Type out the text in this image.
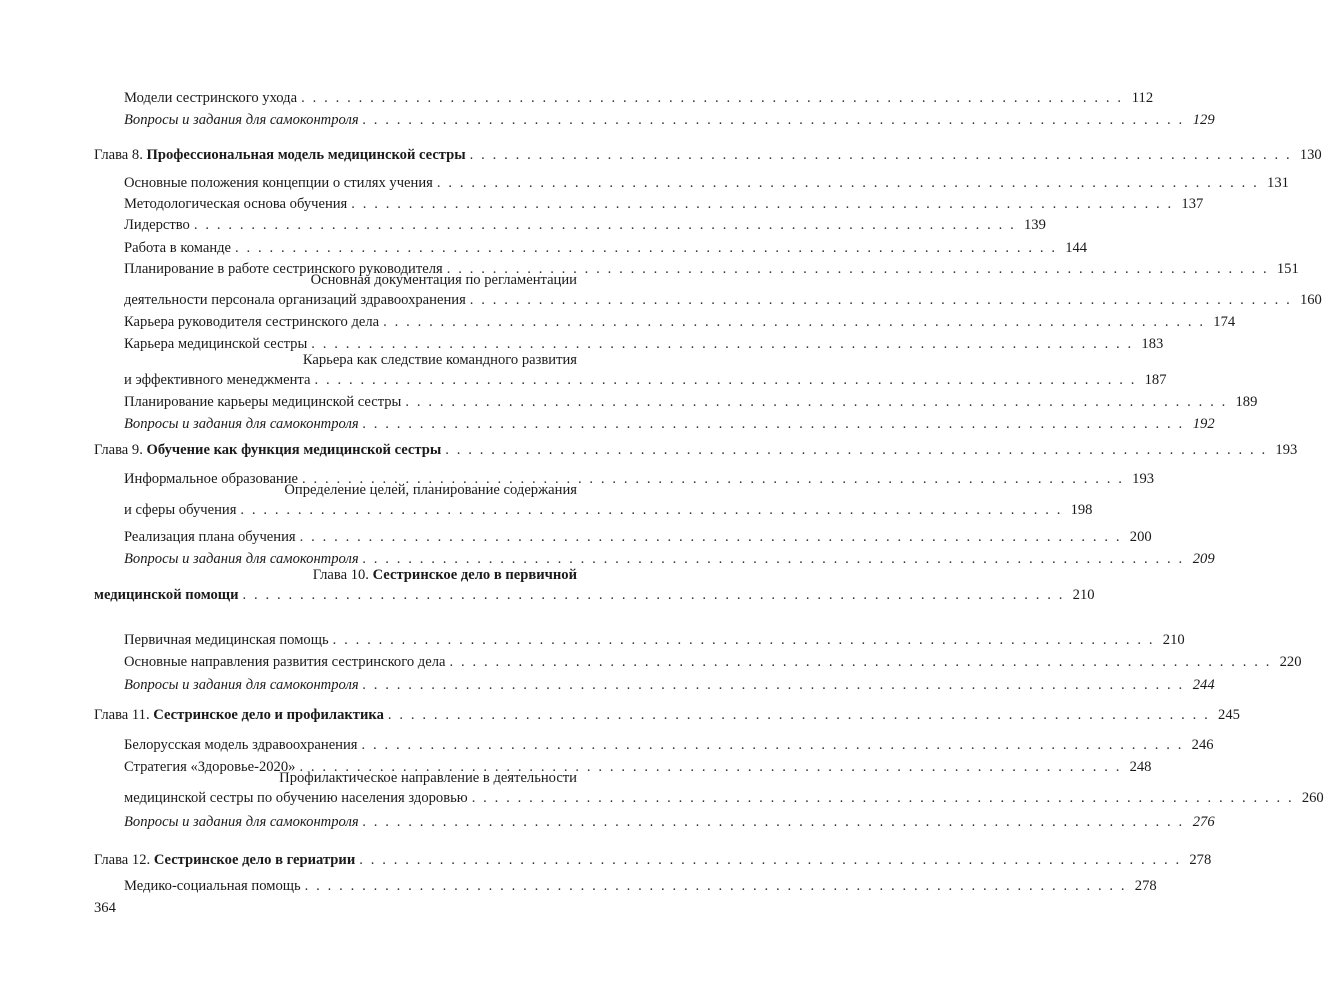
Модели сестринского ухода . . . . . . . . . . . . . . . . . . . . . . . . . . . . . . . . . . . . . . . . . . . . . . . . . . . . . . . . . . . . . . . . . . . . . . . . 112
Вопросы и задания для самоконтроля . . . . . . . . . . . . . . . . . . . . . . . . . . . . . . . . . . . . . . . . . . . . . . . . . . . . . . . . . . . . . . . . . . . . . . . . 129
Глава 8. Профессиональная модель медицинской сестры . . . . . . . . . . . . . . . . . . . . . . . . . . . . . . . . . . . . . . . . . . . . . . . . . . . . . . . . . . . . . . . . . . . . . . . . 130
Основные положения концепции о стилях учения . . . . . . . . . . . . . . . . . . . . . . . . . . . . . . . . . . . . . . . . . . . . . . . . . . . . . . . . . . . . . . . . . . . . . . . . 131
Методологическая основа обучения . . . . . . . . . . . . . . . . . . . . . . . . . . . . . . . . . . . . . . . . . . . . . . . . . . . . . . . . . . . . . . . . . . . . . . . . 137
Лидерство . . . . . . . . . . . . . . . . . . . . . . . . . . . . . . . . . . . . . . . . . . . . . . . . . . . . . . . . . . . . . . . . . . . . . . . . 139
Работа в команде . . . . . . . . . . . . . . . . . . . . . . . . . . . . . . . . . . . . . . . . . . . . . . . . . . . . . . . . . . . . . . . . . . . . . . . . 144
Планирование в работе сестринского руководителя . . . . . . . . . . . . . . . . . . . . . . . . . . . . . . . . . . . . . . . . . . . . . . . . . . . . . . . . . . . . . . . . . . . . . . . . 151
Основная документация по регламентации
деятельности персонала организаций здравоохранения . . . . . . . . . . . . . . . . . . . . . . . . . . . . . . . . . . . . . . . . . . . . . . . . . . . . . . . . . . . . . . . . . . . . . . . . 160
Карьера руководителя сестринского дела . . . . . . . . . . . . . . . . . . . . . . . . . . . . . . . . . . . . . . . . . . . . . . . . . . . . . . . . . . . . . . . . . . . . . . . . 174
Карьера медицинской сестры . . . . . . . . . . . . . . . . . . . . . . . . . . . . . . . . . . . . . . . . . . . . . . . . . . . . . . . . . . . . . . . . . . . . . . . . 183
Карьера как следствие командного развития
и эффективного менеджмента . . . . . . . . . . . . . . . . . . . . . . . . . . . . . . . . . . . . . . . . . . . . . . . . . . . . . . . . . . . . . . . . . . . . . . . . 187
Планирование карьеры медицинской сестры . . . . . . . . . . . . . . . . . . . . . . . . . . . . . . . . . . . . . . . . . . . . . . . . . . . . . . . . . . . . . . . . . . . . . . . . 189
Вопросы и задания для самоконтроля . . . . . . . . . . . . . . . . . . . . . . . . . . . . . . . . . . . . . . . . . . . . . . . . . . . . . . . . . . . . . . . . . . . . . . . . 192
Глава 9. Обучение как функция медицинской сестры . . . . . . . . . . . . . . . . . . . . . . . . . . . . . . . . . . . . . . . . . . . . . . . . . . . . . . . . . . . . . . . . . . . . . . . . 193
Информальное образование . . . . . . . . . . . . . . . . . . . . . . . . . . . . . . . . . . . . . . . . . . . . . . . . . . . . . . . . . . . . . . . . . . . . . . . . 193
Определение целей, планирование содержания
и сферы обучения . . . . . . . . . . . . . . . . . . . . . . . . . . . . . . . . . . . . . . . . . . . . . . . . . . . . . . . . . . . . . . . . . . . . . . . . 198
Реализация плана обучения . . . . . . . . . . . . . . . . . . . . . . . . . . . . . . . . . . . . . . . . . . . . . . . . . . . . . . . . . . . . . . . . . . . . . . . . 200
Вопросы и задания для самоконтроля . . . . . . . . . . . . . . . . . . . . . . . . . . . . . . . . . . . . . . . . . . . . . . . . . . . . . . . . . . . . . . . . . . . . . . . . 209
Глава 10. Сестринское дело в первичной
медицинской помощи . . . . . . . . . . . . . . . . . . . . . . . . . . . . . . . . . . . . . . . . . . . . . . . . . . . . . . . . . . . . . . . . . . . . . . . . 210
Первичная медицинская помощь . . . . . . . . . . . . . . . . . . . . . . . . . . . . . . . . . . . . . . . . . . . . . . . . . . . . . . . . . . . . . . . . . . . . . . . . 210
Основные направления развития сестринского дела . . . . . . . . . . . . . . . . . . . . . . . . . . . . . . . . . . . . . . . . . . . . . . . . . . . . . . . . . . . . . . . . . . . . . . . . 220
Вопросы и задания для самоконтроля . . . . . . . . . . . . . . . . . . . . . . . . . . . . . . . . . . . . . . . . . . . . . . . . . . . . . . . . . . . . . . . . . . . . . . . . 244
Глава 11. Сестринское дело и профилактика . . . . . . . . . . . . . . . . . . . . . . . . . . . . . . . . . . . . . . . . . . . . . . . . . . . . . . . . . . . . . . . . . . . . . . . . 245
Белорусская модель здравоохранения . . . . . . . . . . . . . . . . . . . . . . . . . . . . . . . . . . . . . . . . . . . . . . . . . . . . . . . . . . . . . . . . . . . . . . . . 246
Стратегия «Здоровье-2020» . . . . . . . . . . . . . . . . . . . . . . . . . . . . . . . . . . . . . . . . . . . . . . . . . . . . . . . . . . . . . . . . . . . . . . . . 248
Профилактическое направление в деятельности
медицинской сестры по обучению населения здоровью . . . . . . . . . . . . . . . . . . . . . . . . . . . . . . . . . . . . . . . . . . . . . . . . . . . . . . . . . . . . . . . . . . . . . . . . 260
Вопросы и задания для самоконтроля . . . . . . . . . . . . . . . . . . . . . . . . . . . . . . . . . . . . . . . . . . . . . . . . . . . . . . . . . . . . . . . . . . . . . . . . 276
Глава 12. Сестринское дело в гериатрии . . . . . . . . . . . . . . . . . . . . . . . . . . . . . . . . . . . . . . . . . . . . . . . . . . . . . . . . . . . . . . . . . . . . . . . . 278
Медико-социальная помощь . . . . . . . . . . . . . . . . . . . . . . . . . . . . . . . . . . . . . . . . . . . . . . . . . . . . . . . . . . . . . . . . . . . . . . . . 278
364
